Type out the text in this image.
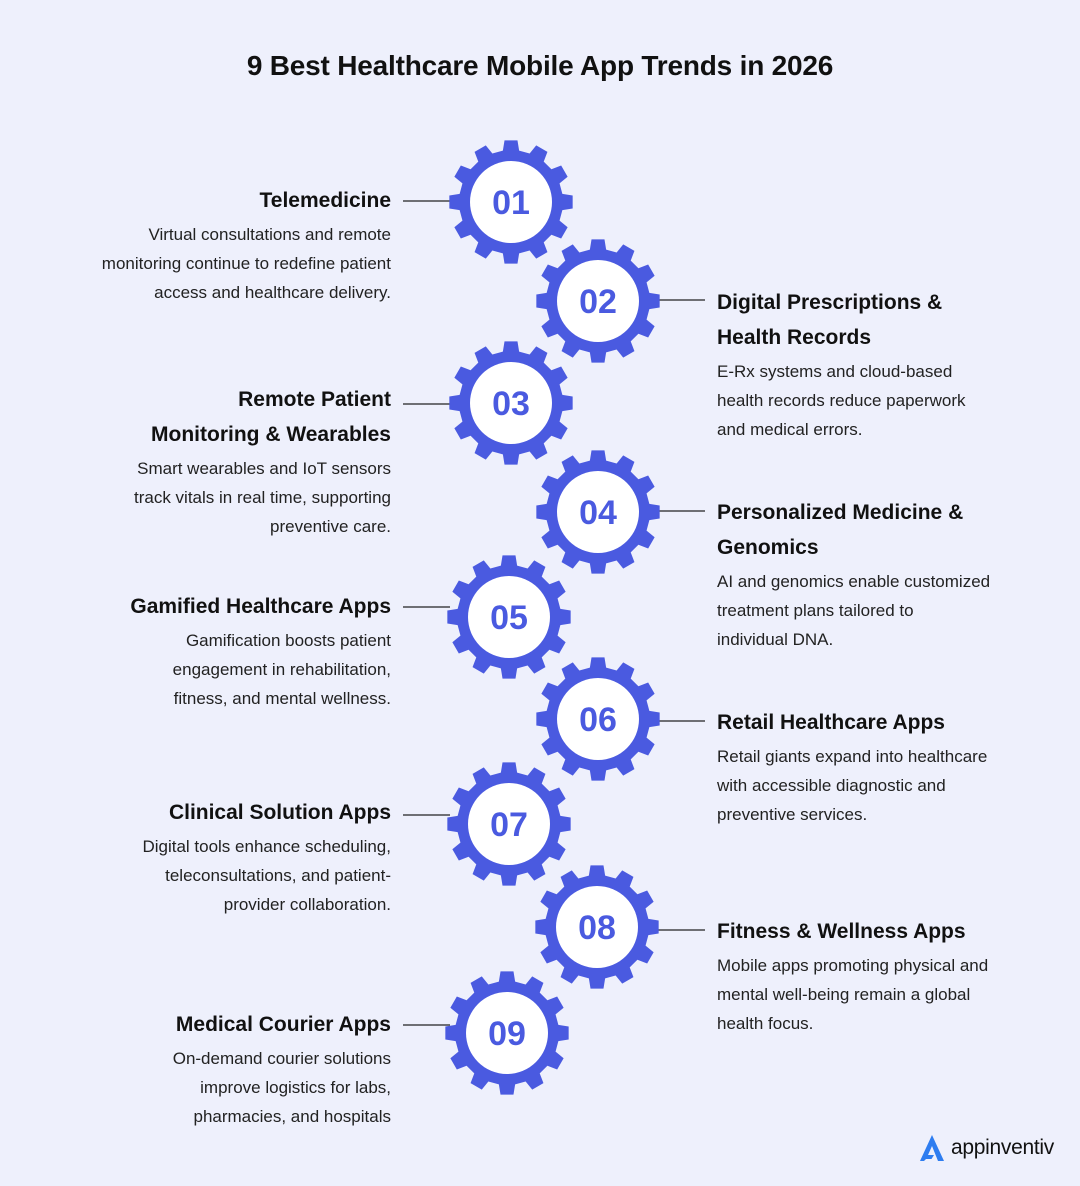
9 Best Healthcare Mobile App Trends in 2026
01
02
03
04
05
06
07
08
09
Telemedicine

Virtual consultations and remote
monitoring continue to redefine patient
access and healthcare delivery.	Digital Prescriptions &
Health Records

E-Rx systems and cloud-based
health records reduce paperwork
and medical errors.

Remote Patient
Monitoring & Wearables

Smart wearables and IoT sensors
track vitals in real time, supporting
preventive care.

Personalized Medicine &
Genomics

AI and genomics enable customized
treatment plans tailored to
individual DNA.

Gamified Healthcare Apps

Gamification boosts patient
engagement in rehabilitation,
fitness, and mental wellness.

Retail Healthcare Apps

Retail giants expand into healthcare
with accessible diagnostic and
preventive services.

Clinical Solution Apps

Digital tools enhance scheduling,
teleconsultations, and patient-
provider collaboration.

Fitness & Wellness Apps

Mobile apps promoting physical and
mental well-being remain a global
health focus.

Medical Courier Apps

On-demand courier solutions
improve logistics for labs,
pharmacies, and hospitals

appinventiv
